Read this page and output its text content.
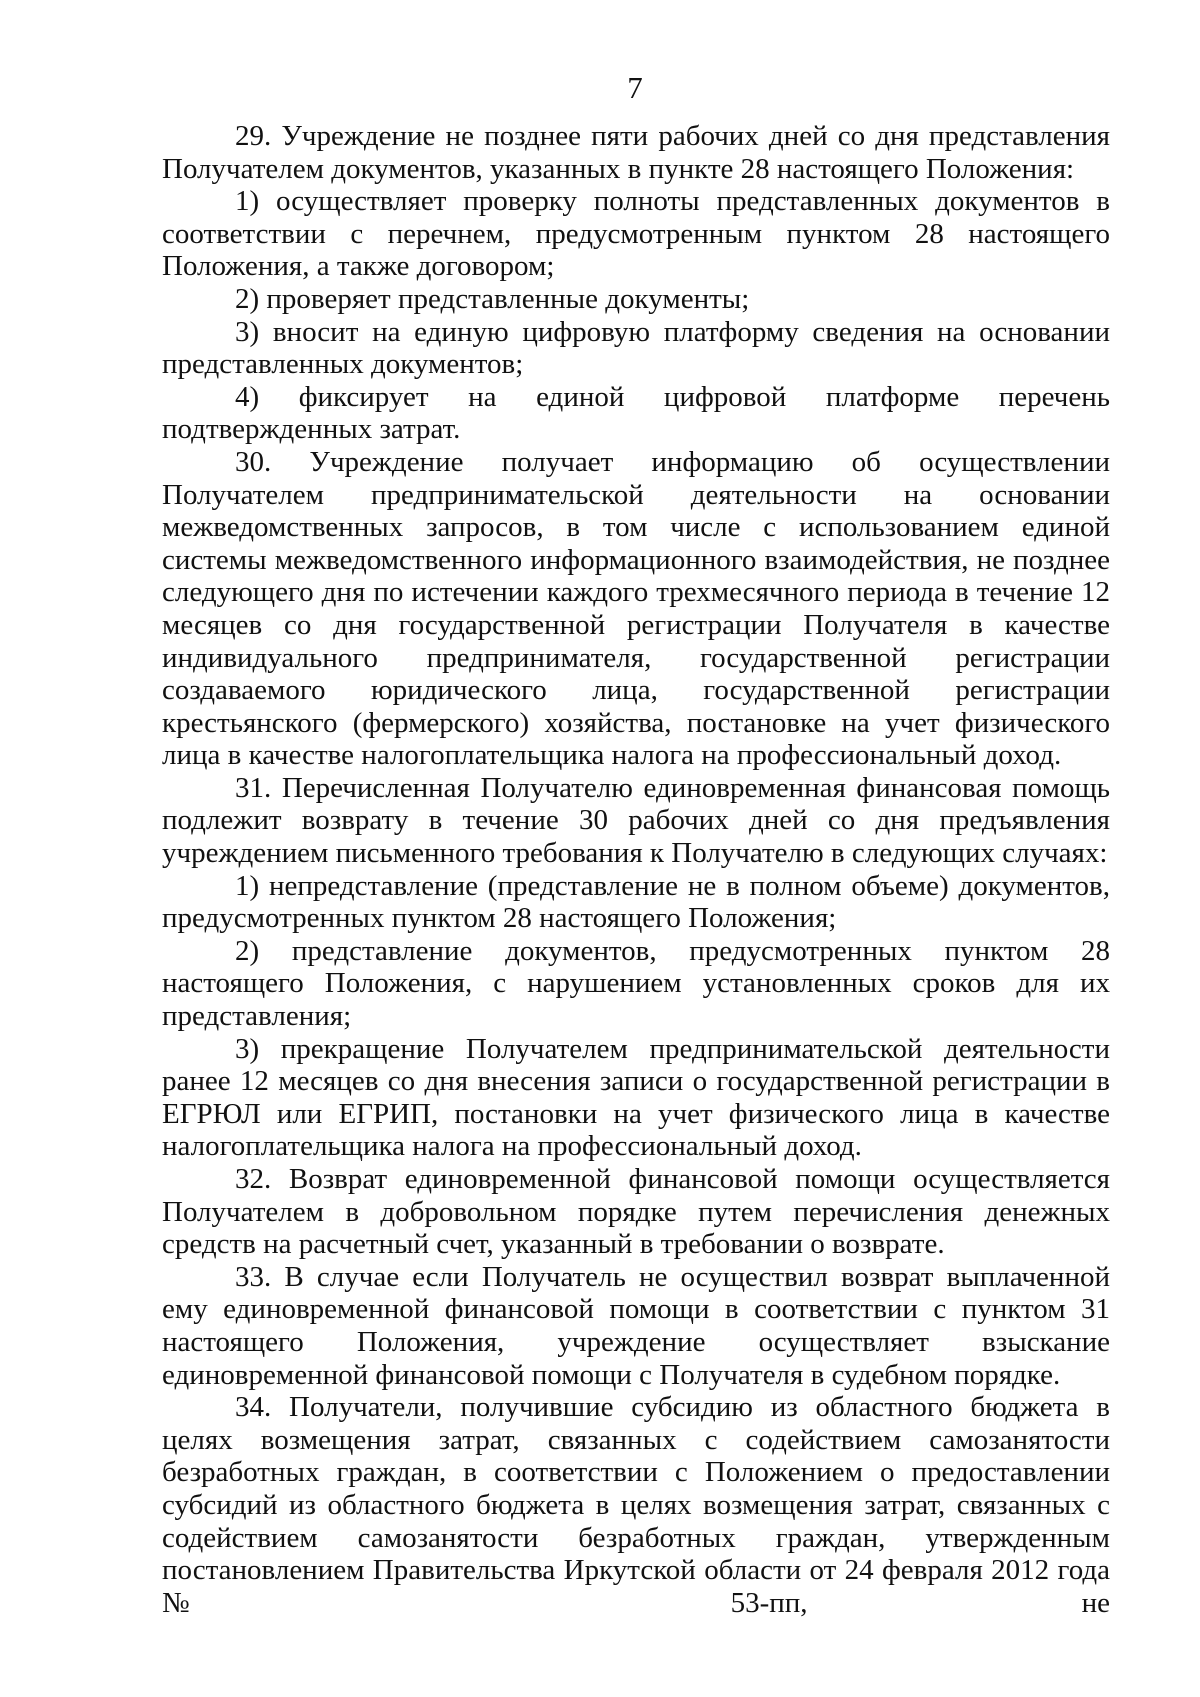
7

29. Учреждение не позднее пяти рабочих дней со дня представления Получателем документов, указанных в пункте 28 настоящего Положения:

1) осуществляет проверку полноты представленных документов в соответствии с перечнем, предусмотренным пунктом 28 настоящего Положения, а также договором;

2) проверяет представленные документы;

3) вносит на единую цифровую платформу сведения на основании представленных документов;

4) фиксирует на единой цифровой платформе перечень подтвержденных затрат.

30. Учреждение получает информацию об осуществлении Получателем предпринимательской деятельности на основании межведомственных запросов, в том числе с использованием единой системы межведомственного информационного взаимодействия, не позднее следующего дня по истечении каждого трехмесячного периода в течение 12 месяцев со дня государственной регистрации Получателя в качестве индивидуального предпринимателя, государственной регистрации создаваемого юридического лица, государственной регистрации крестьянского (фермерского) хозяйства, постановке на учет физического лица в качестве налогоплательщика налога на профессиональный доход.

31. Перечисленная Получателю единовременная финансовая помощь подлежит возврату в течение 30 рабочих дней со дня предъявления учреждением письменного требования к Получателю в следующих случаях:

1) непредставление (представление не в полном объеме) документов, предусмотренных пунктом 28 настоящего Положения;

2) представление документов, предусмотренных пунктом 28 настоящего Положения, с нарушением установленных сроков для их представления;

3) прекращение Получателем предпринимательской деятельности ранее 12 месяцев со дня внесения записи о государственной регистрации в ЕГРЮЛ или ЕГРИП, постановки на учет физического лица в качестве налогоплательщика налога на профессиональный доход.

32. Возврат единовременной финансовой помощи осуществляется Получателем в добровольном порядке путем перечисления денежных средств на расчетный счет, указанный в требовании о возврате.

33. В случае если Получатель не осуществил возврат выплаченной ему единовременной финансовой помощи в соответствии с пунктом 31 настоящего Положения, учреждение осуществляет взыскание единовременной финансовой помощи с Получателя в судебном порядке.

34. Получатели, получившие субсидию из областного бюджета в целях возмещения затрат, связанных с содействием самозанятости безработных граждан, в соответствии с Положением о предоставлении субсидий из областного бюджета в целях возмещения затрат, связанных с содействием самозанятости безработных граждан, утвержденным постановлением Правительства Иркутской области от 24 февраля 2012 года № 53-пп, не
